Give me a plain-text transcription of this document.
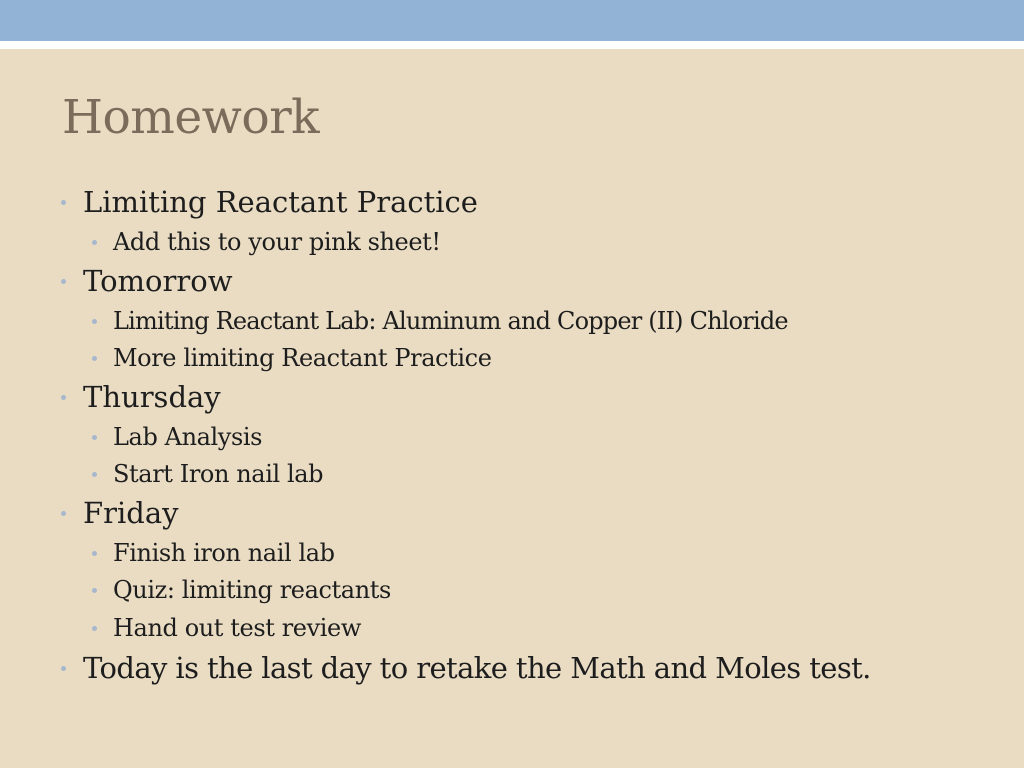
Homework
Limiting Reactant Practice
Add this to your pink sheet!
Tomorrow
Limiting Reactant Lab: Aluminum and Copper (II) Chloride
More limiting Reactant Practice
Thursday
Lab Analysis
Start Iron nail lab
Friday
Finish iron nail lab
Quiz: limiting reactants
Hand out test review
Today is the last day to retake the Math and Moles test.
